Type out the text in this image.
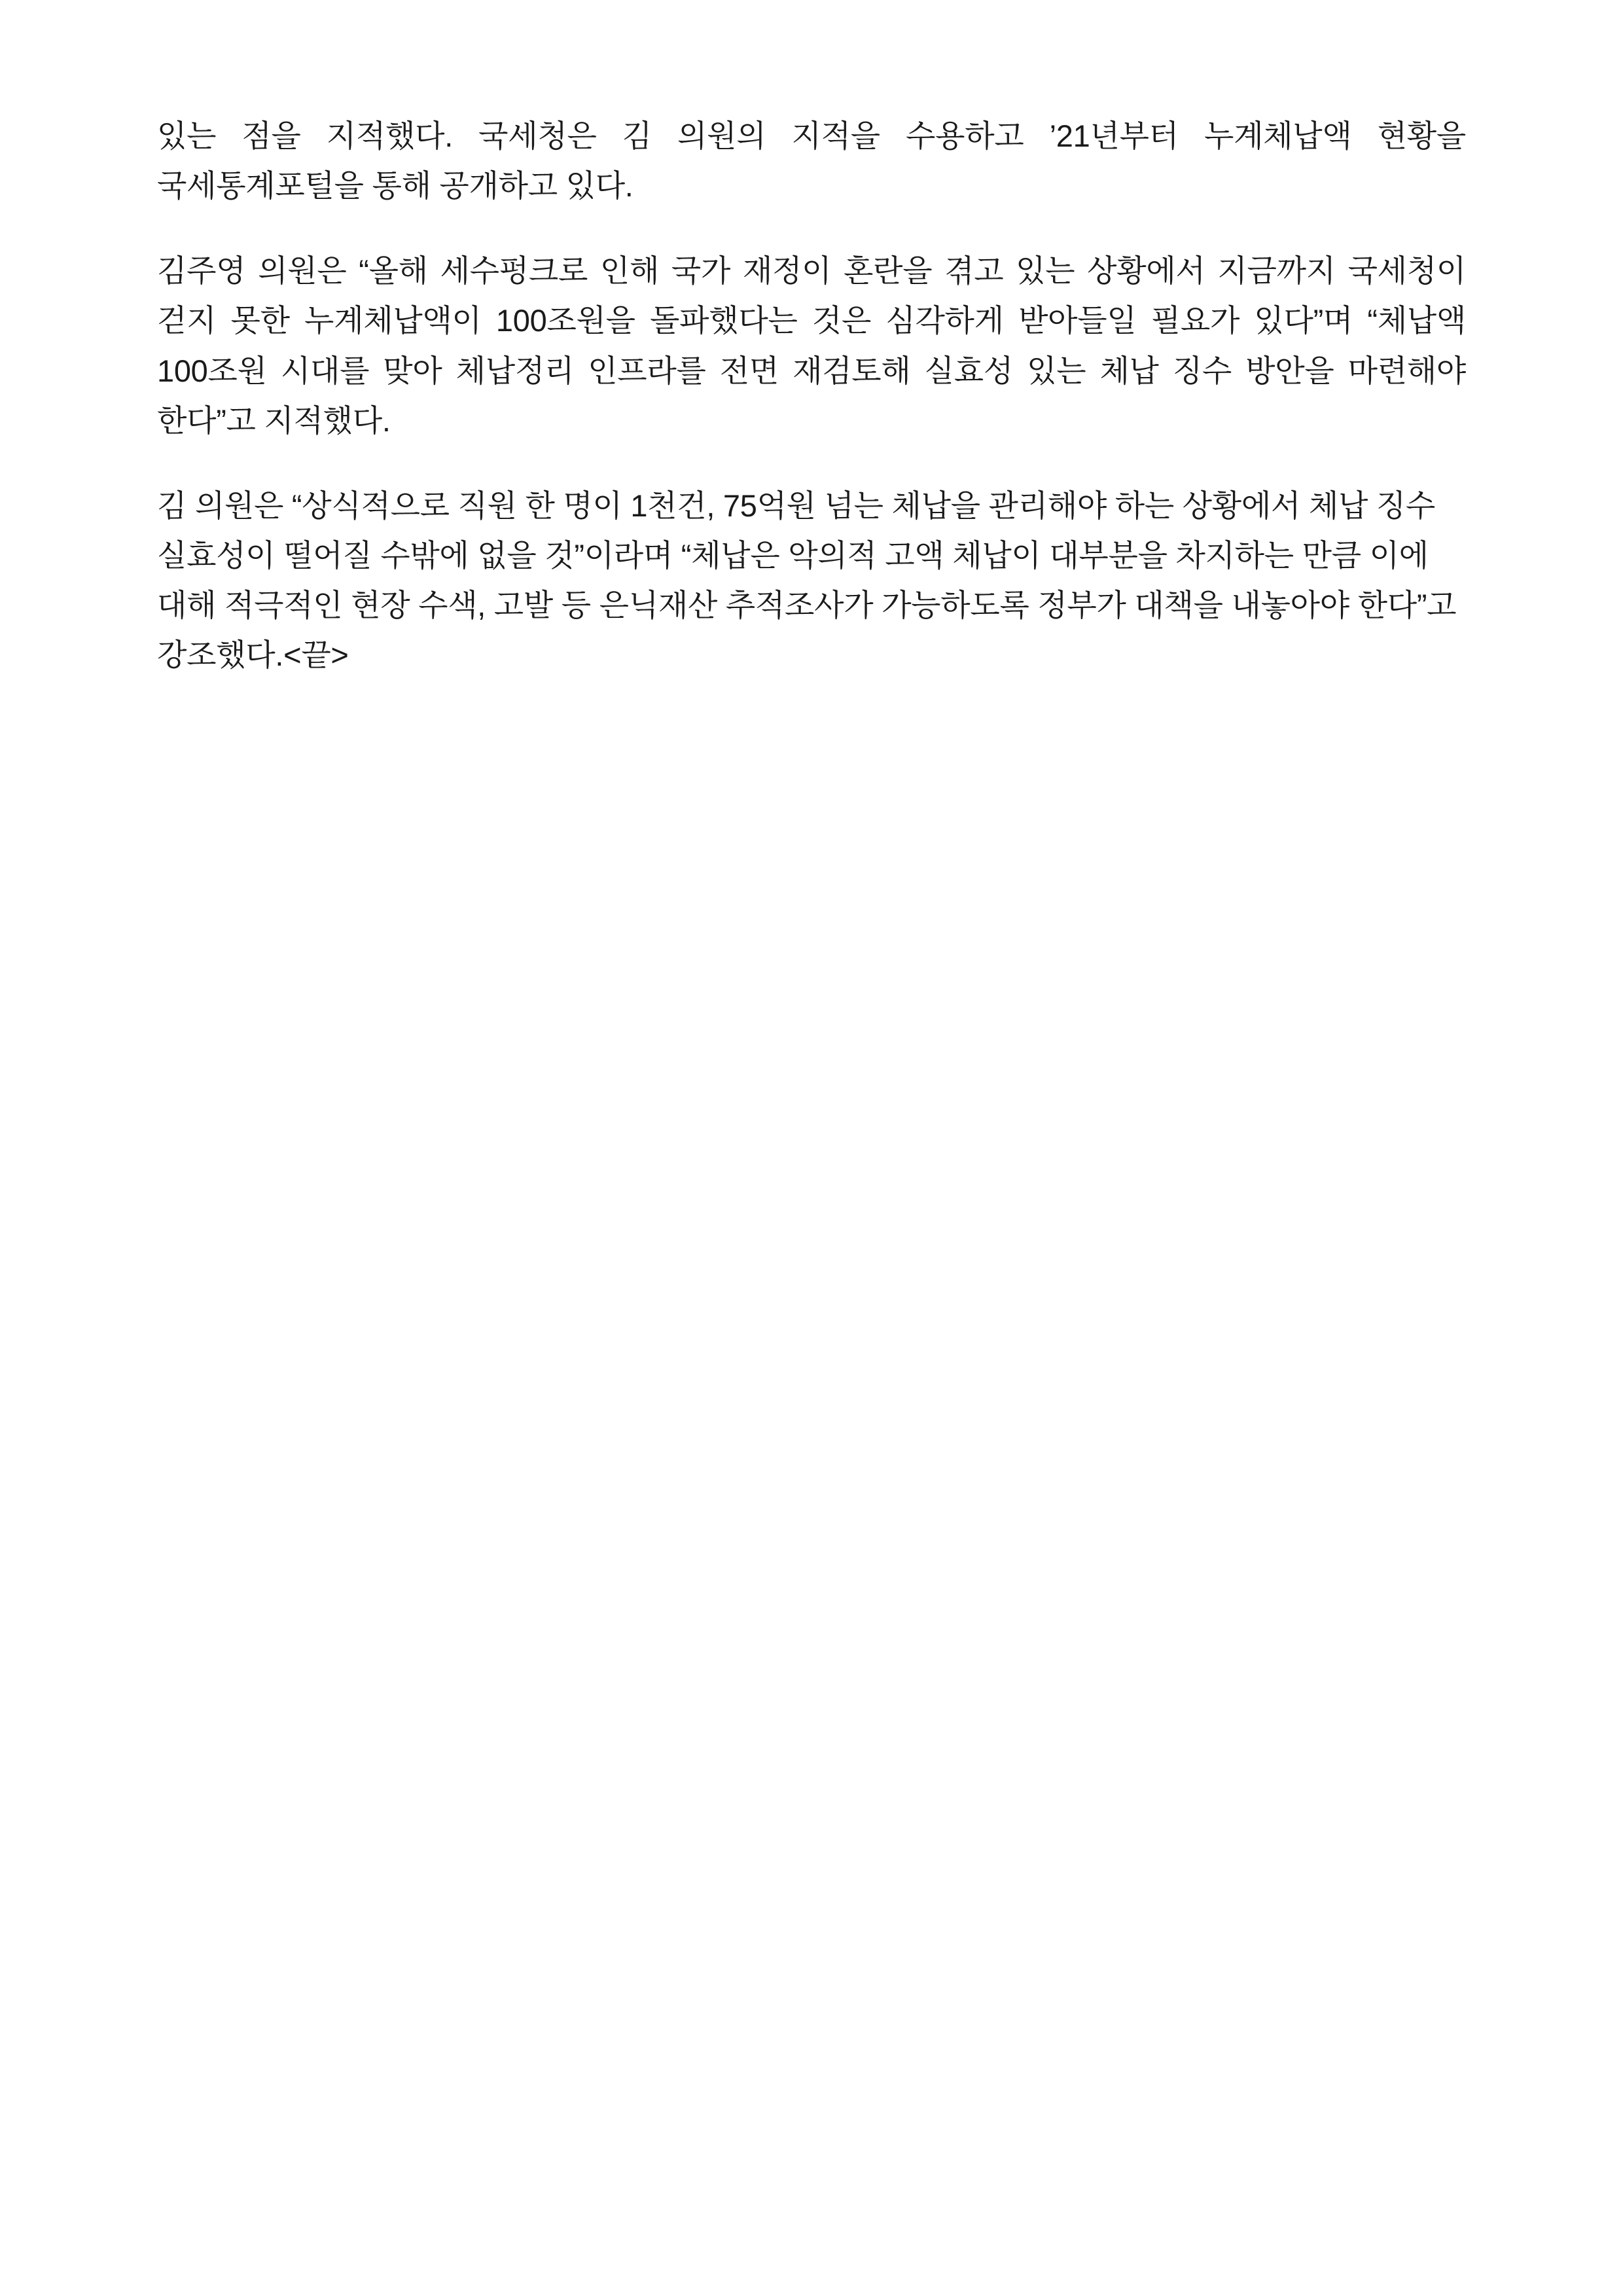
있는 점을 지적했다. 국세청은 김 의원의 지적을 수용하고 ’21년부터 누계체납액 현황을 국세통계포털을 통해 공개하고 있다.

김주영 의원은 “올해 세수펑크로 인해 국가 재정이 혼란을 겪고 있는 상황에서 지금까지 국세청이 걷지 못한 누계체납액이 100조원을 돌파했다는 것은 심각하게 받아들일 필요가 있다”며 “체납액 100조원 시대를 맞아 체납정리 인프라를 전면 재검토해 실효성 있는 체납 징수 방안을 마련해야 한다”고 지적했다.

김 의원은 “상식적으로 직원 한 명이 1천건, 75억원 넘는 체납을 관리해야 하는 상황에서 체납 징수 실효성이 떨어질 수밖에 없을 것”이라며 “체납은 악의적 고액 체납이 대부분을 차지하는 만큼 이에 대해 적극적인 현장 수색, 고발 등 은닉재산 추적조사가 가능하도록 정부가 대책을 내놓아야 한다”고 강조했다.<끝>
